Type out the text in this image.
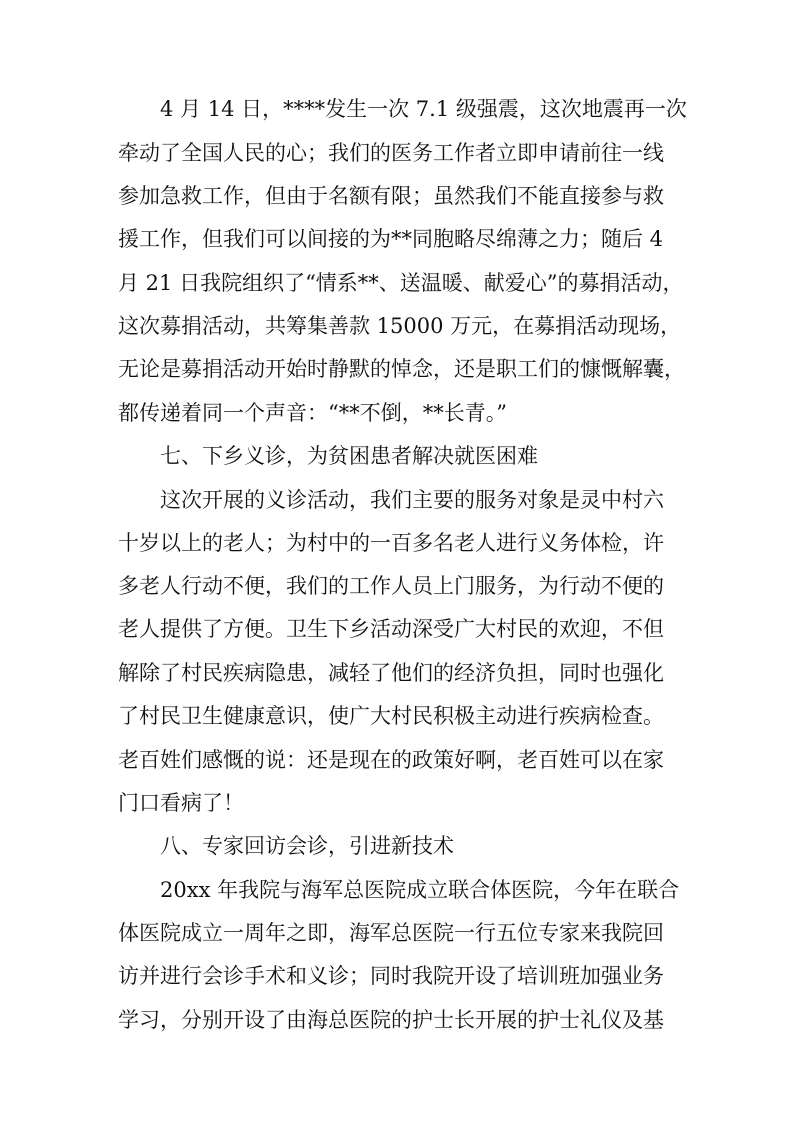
4 月 14 日，****发生一次 7.1 级强震，这次地震再一次
牵动了全国人民的心；我们的医务工作者立即申请前往一线
参加急救工作，但由于名额有限；虽然我们不能直接参与救
援工作，但我们可以间接的为**同胞略尽绵薄之力；随后 4
月 21 日我院组织了“情系**、送温暖、献爱心”的募捐活动，
这次募捐活动，共筹集善款 15000 万元，在募捐活动现场，
无论是募捐活动开始时静默的悼念，还是职工们的慷慨解囊，
都传递着同一个声音：“**不倒，**长青。”
七、下乡义诊，为贫困患者解决就医困难
这次开展的义诊活动，我们主要的服务对象是灵中村六
十岁以上的老人；为村中的一百多名老人进行义务体检，许
多老人行动不便，我们的工作人员上门服务，为行动不便的
老人提供了方便。卫生下乡活动深受广大村民的欢迎，不但
解除了村民疾病隐患，减轻了他们的经济负担，同时也强化
了村民卫生健康意识，使广大村民积极主动进行疾病检查。
老百姓们感慨的说：还是现在的政策好啊，老百姓可以在家
门口看病了！
八、专家回访会诊，引进新技术
20xx 年我院与海军总医院成立联合体医院，今年在联合
体医院成立一周年之即，海军总医院一行五位专家来我院回
访并进行会诊手术和义诊；同时我院开设了培训班加强业务
学习，分别开设了由海总医院的护士长开展的护士礼仪及基
